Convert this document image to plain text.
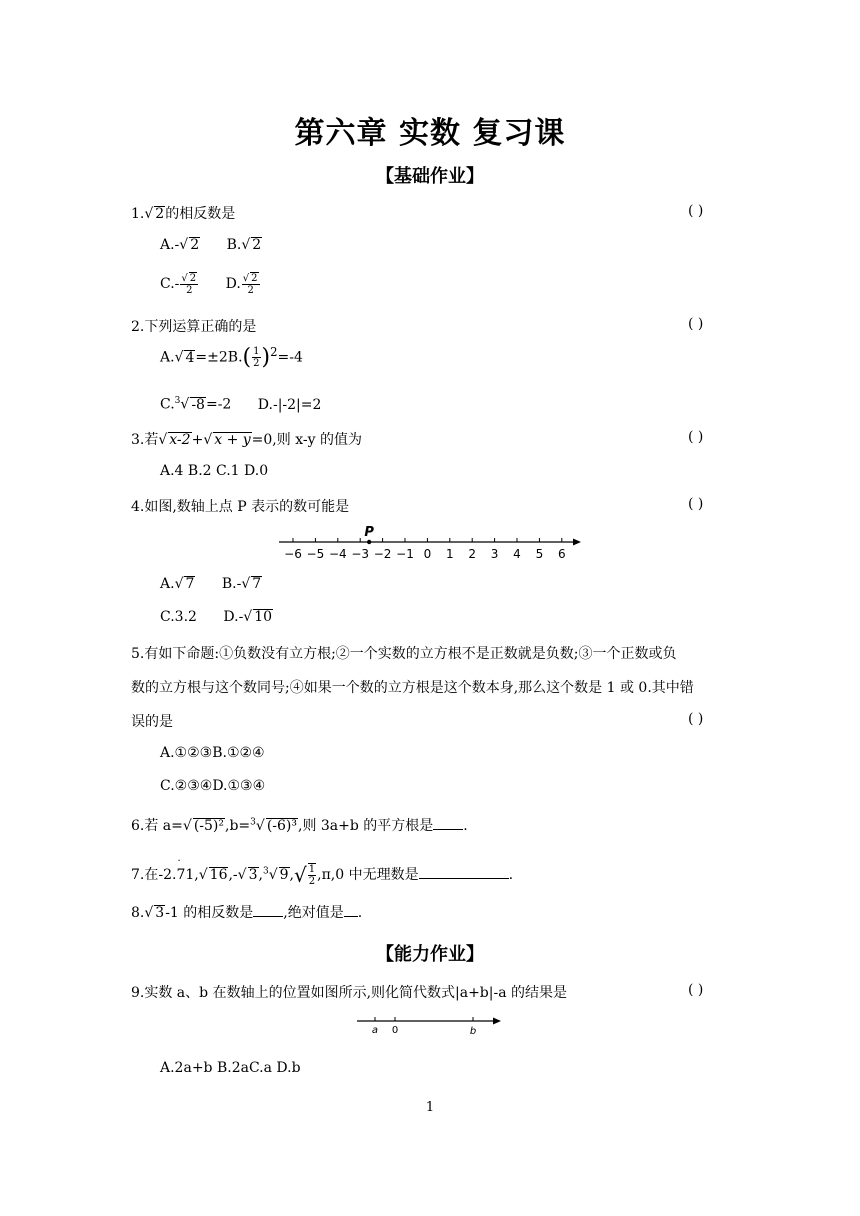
第六章 实数 复习课
【基础作业】
1.√ 2的相反数是	( )
A.-√ 2 B.√ 2
$C.- \frac{√ 2}{2} D$. $\frac{√ 2}{2}$
2.下列运算正确的是	( )
A.√ $4=\pm 2B.( \frac{1}{2} )^2=-4$
C.$^3$√ -8=-2 D.-|-2|=2
3.若√ x-2+√ x + y=0,则 x-y 的值为	( )
A.4 B.2 C.1 D.0
4.如图,数轴上点 P 表示的数可能是	( )
−6 −5 −4 −3 −2 −1 0 1 2 3 4 5 6
P
A.√ 7 B.-√ 7
C.3.2 D.-√ 10
5.有如下命题:①负数没有立方根;②一个实数的立方根不是正数就是负数;③一个正数或负
数的立方根与这个数同号;④如果一个数的立方根是这个数本身,那么这个数是 1 或 0.其中错
误的是	( )
A.①②③B.①②④
C.②③④D.①③④
6.若 a=√ (-5)²,b=$^3$√ (-6)³,则 3a+b 的平方根是 .
7.在-2.· 71,√ 16,-√ 3,$^3$√ $9,√ \frac{1}{2} ,\pi,0$ 中无理数是	.
8.√ 3-1 的相反数是 ,绝对值是 .
【能力作业】
9.实数 a、b 在数轴上的位置如图所示,则化简代数式|a+b|-a 的结果是	( )
a 0	b
A.2a+b B.2aC.a D.b
1
